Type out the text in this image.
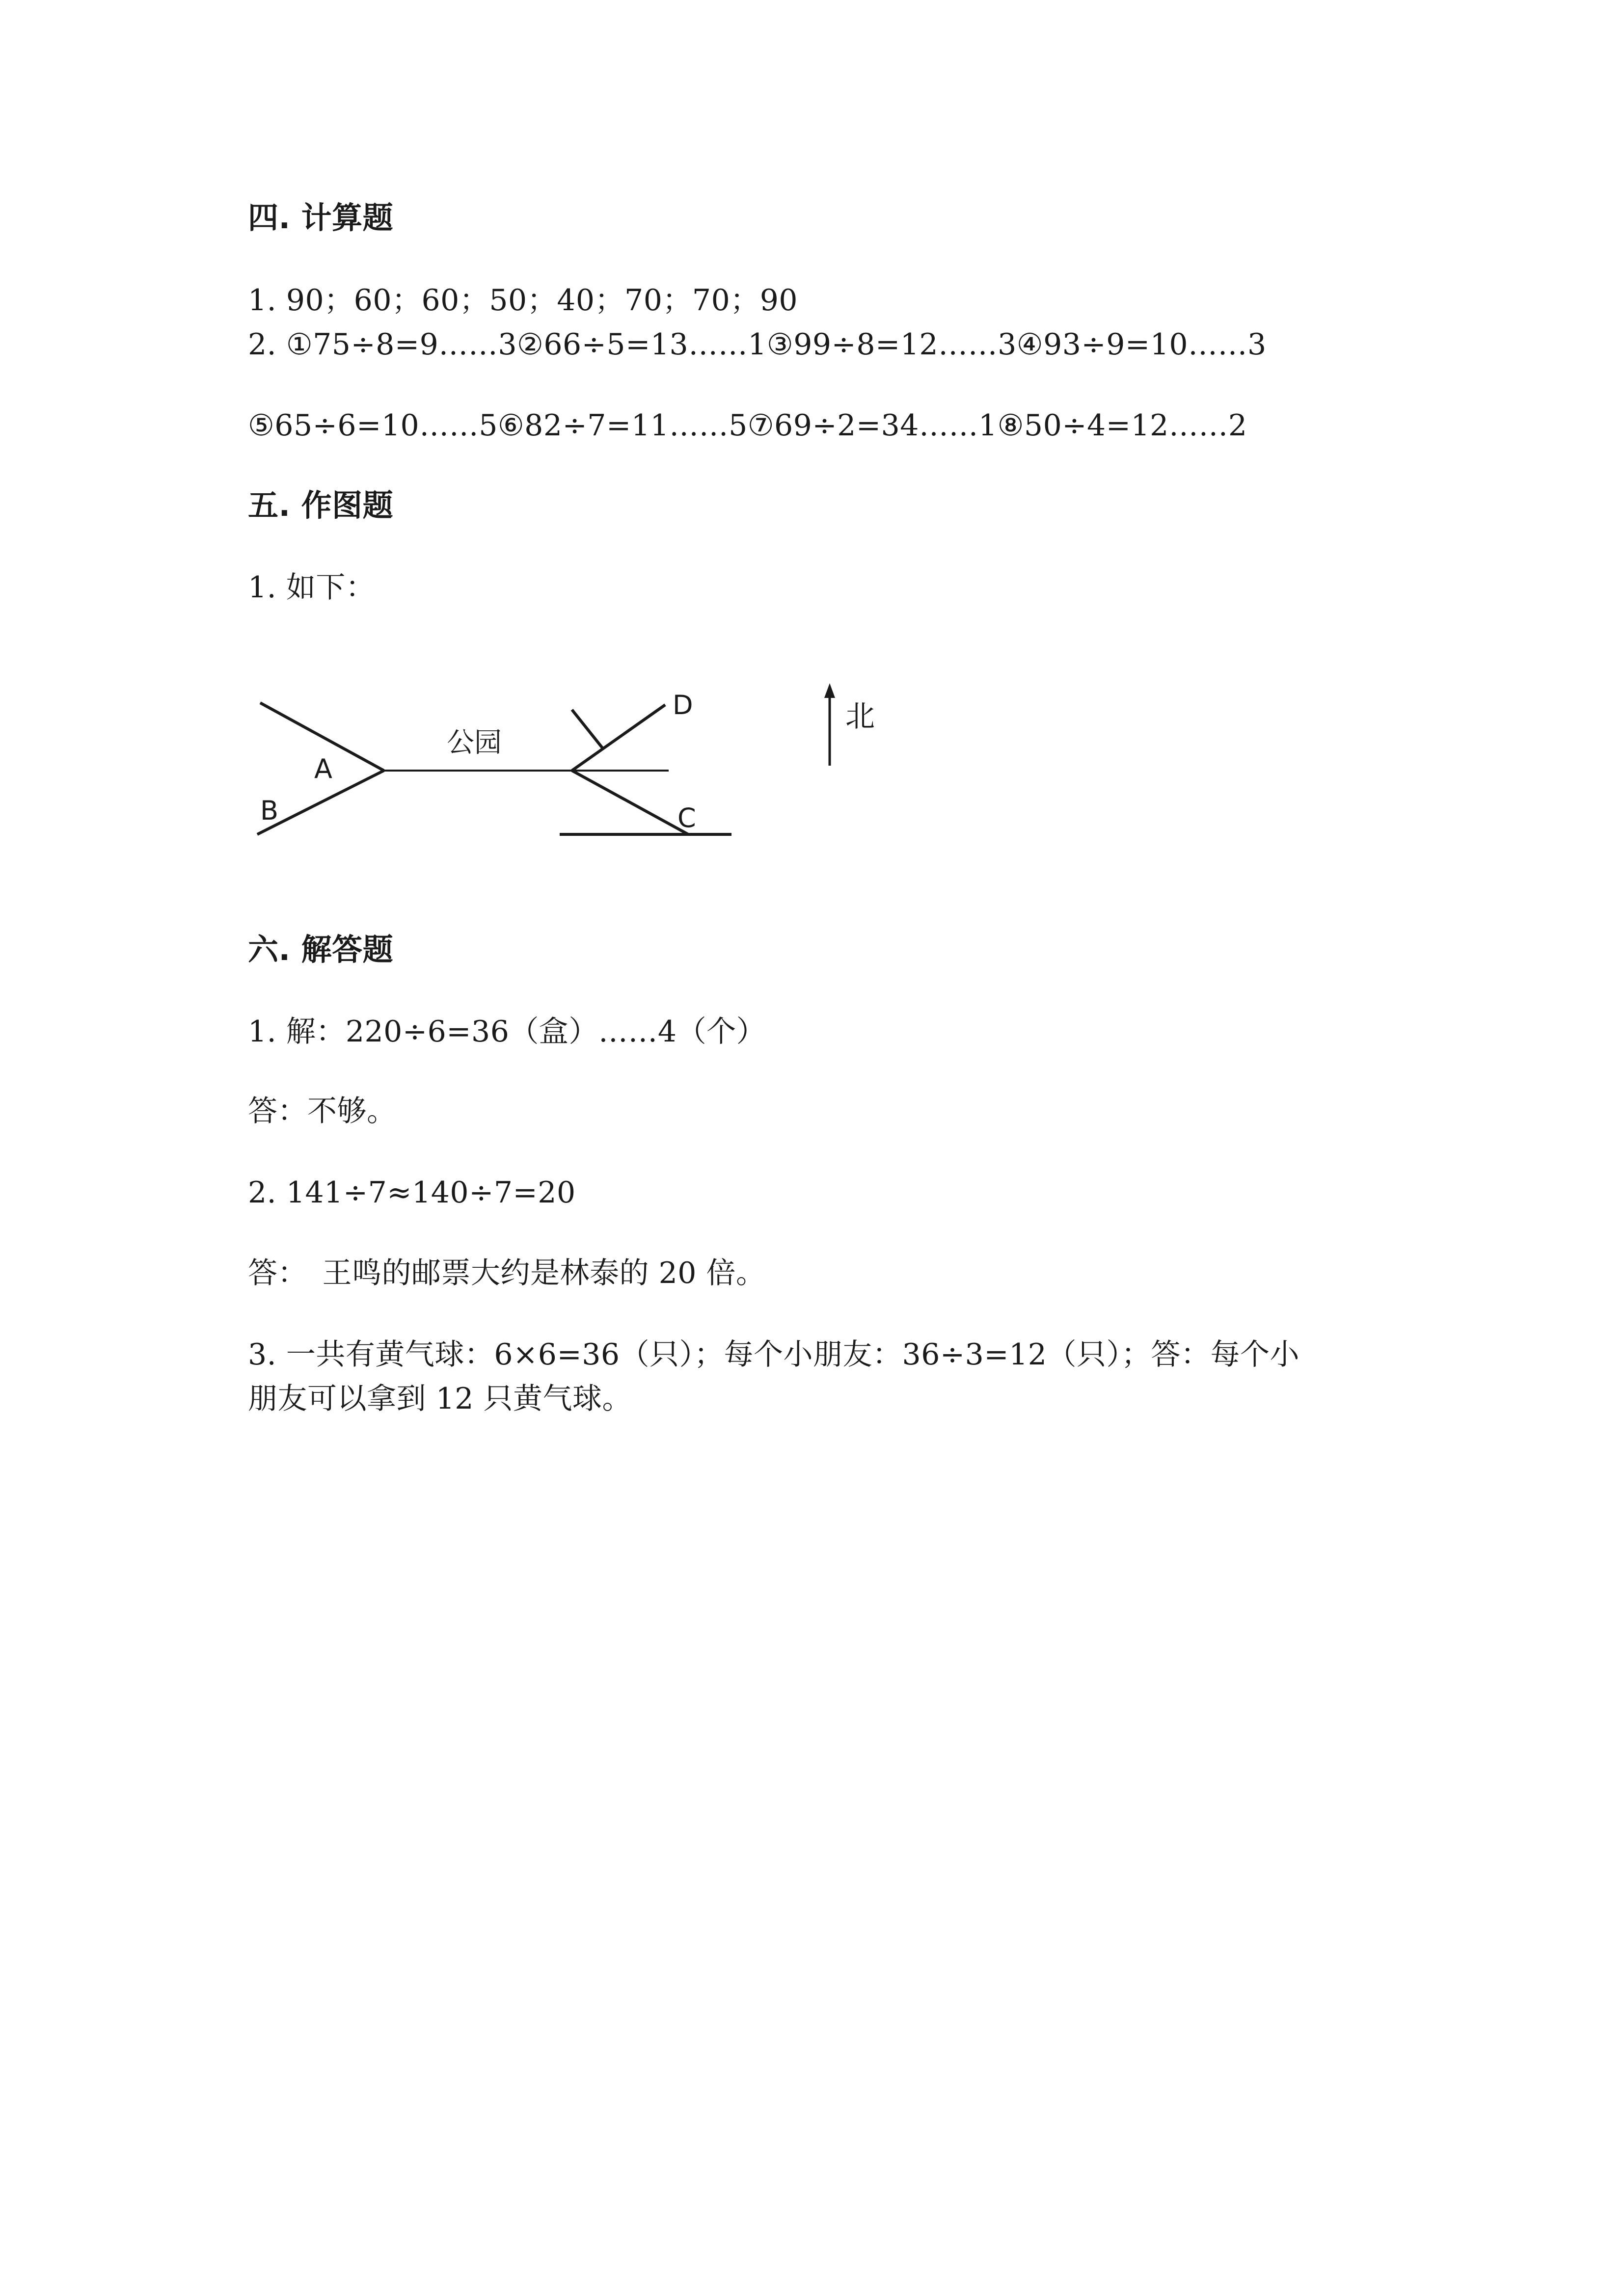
四. 计算题
1. 90；60；60；50；40；70；70；90
2. ①75÷8=9……3②66÷5=13……1③99÷8=12……3④93÷9=10……3
⑤65÷6=10……5⑥82÷7=11……5⑦69÷2=34……1⑧50÷4=12……2
五. 作图题
1. 如下：
公园
A
B	C
D	北
六. 解答题
1. 解：220÷6=36（盒）……4（个）
答：不够。
2. 141÷7≈140÷7=20
答：　王鸣的邮票大约是林泰的 20 倍。
3. 一共有黄气球：6×6=36（只）；每个小朋友：36÷3=12（只）；答：每个小
朋友可以拿到 12 只黄气球。
